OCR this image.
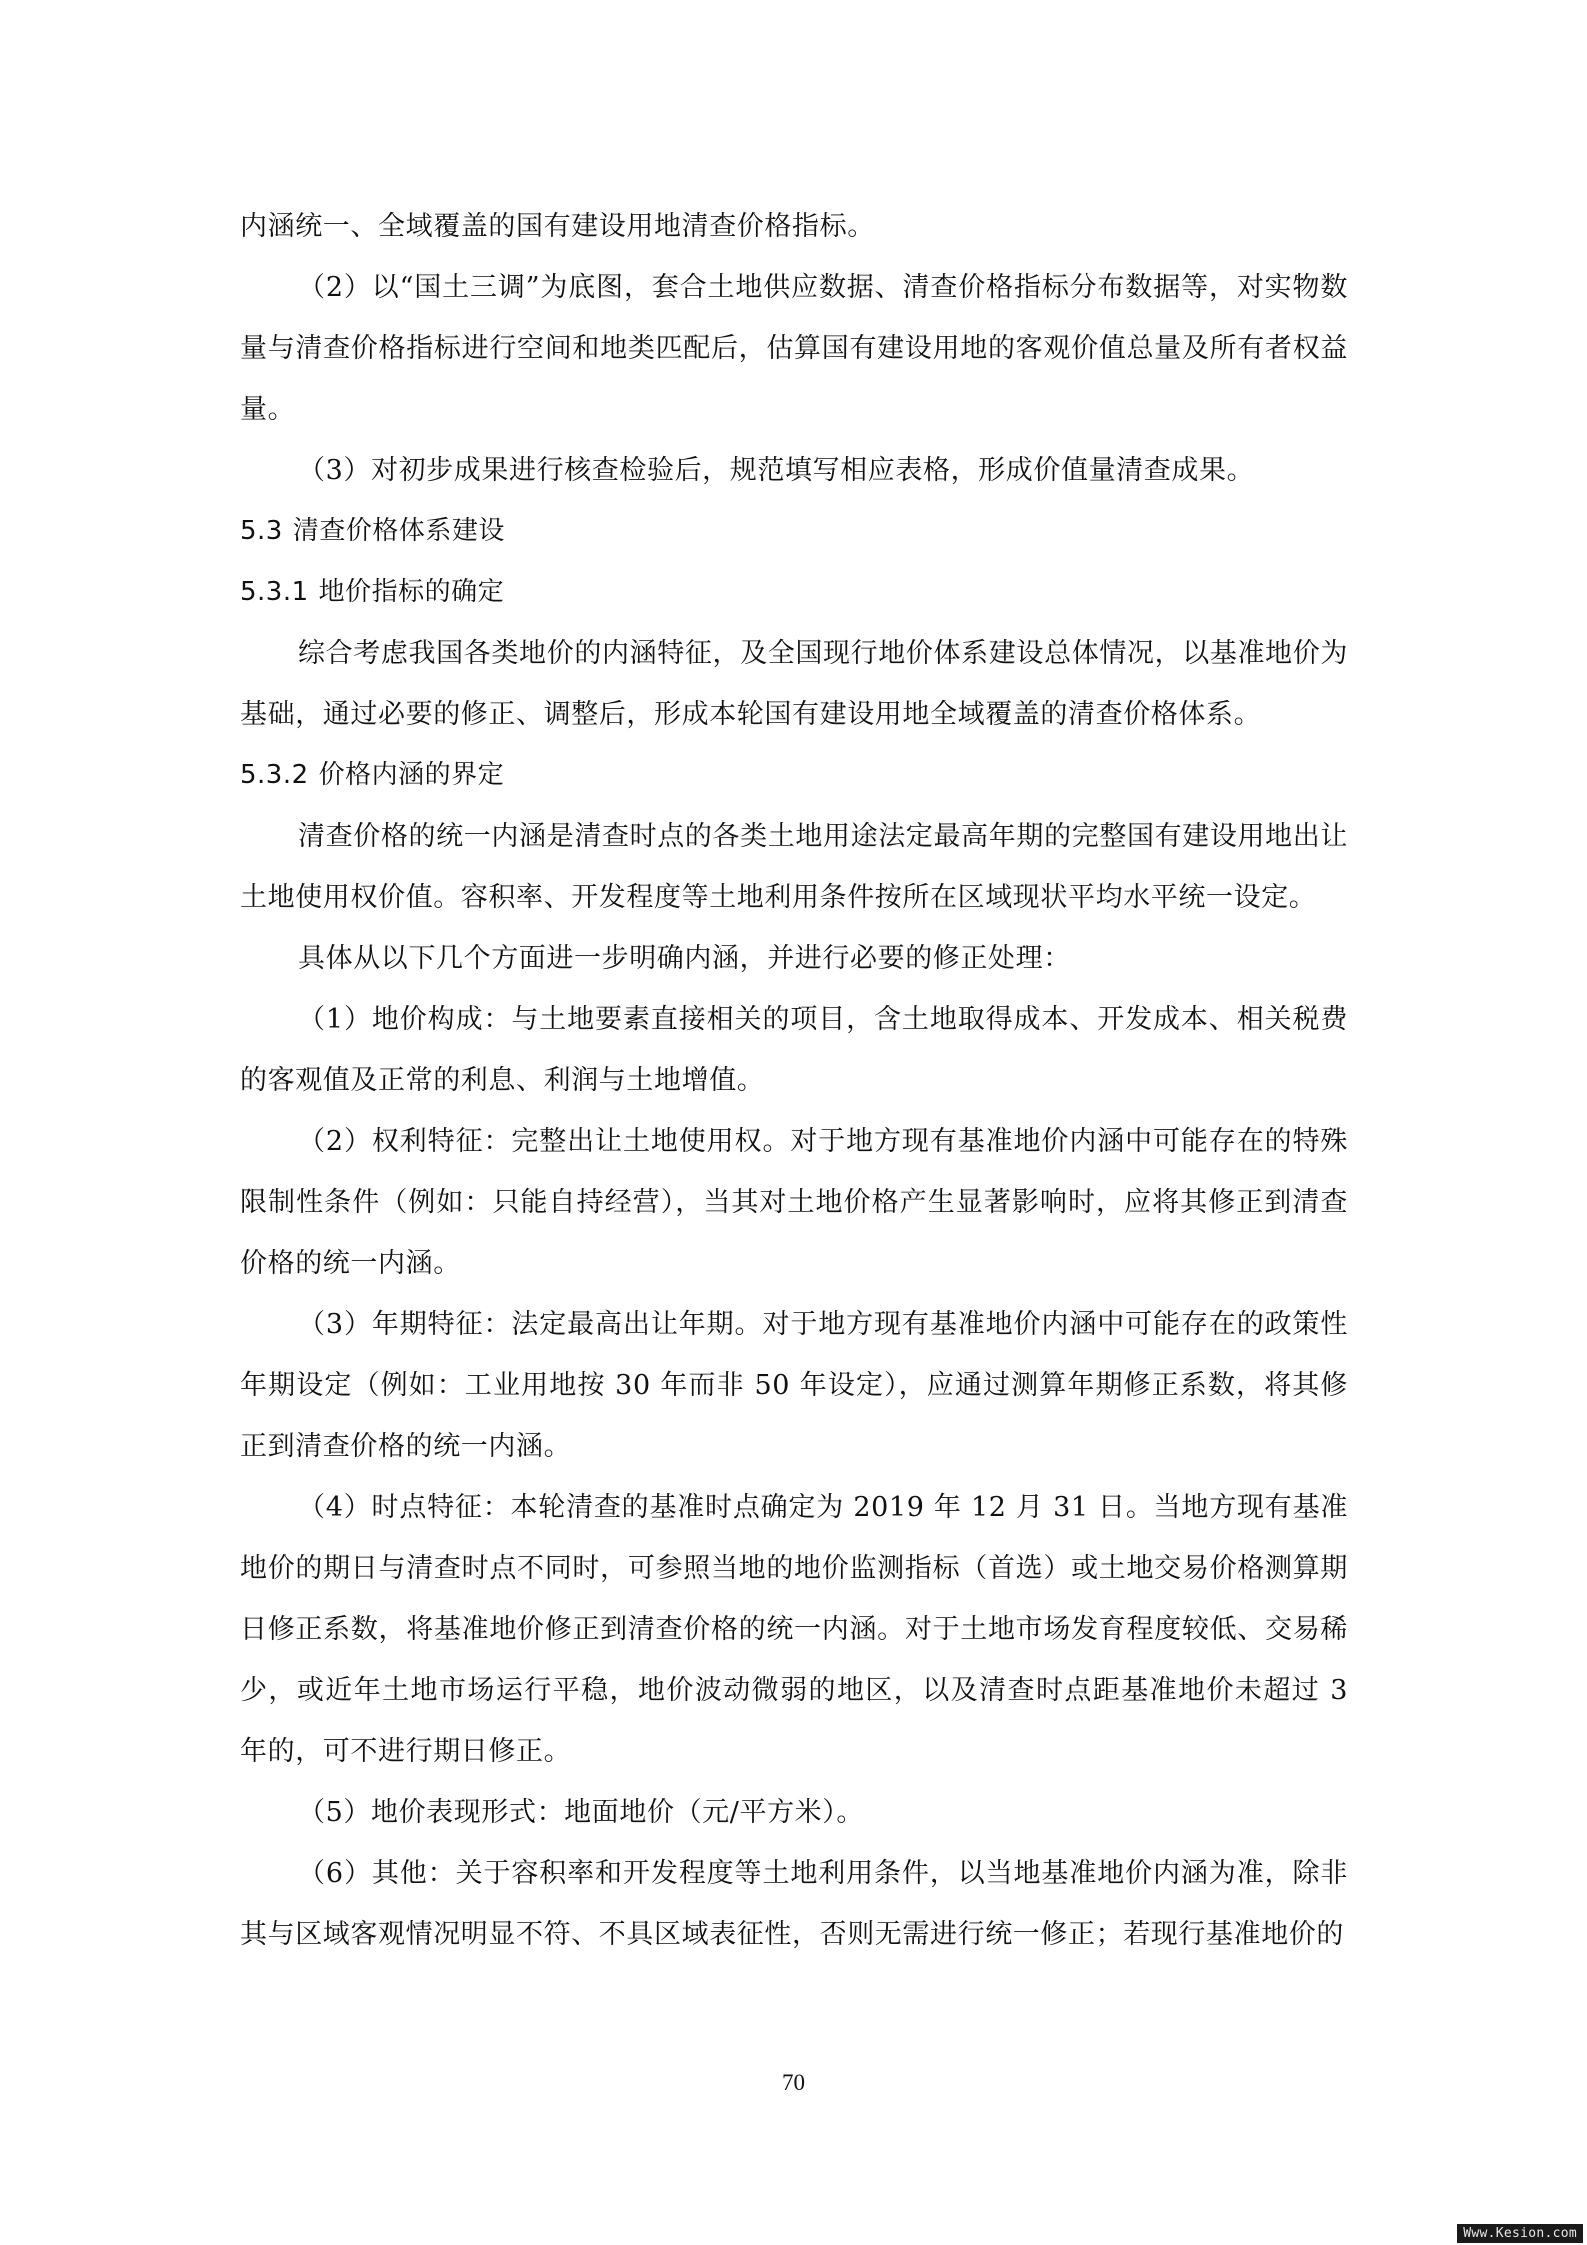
内涵统一、全域覆盖的国有建设用地清查价格指标。

（2）以“国土三调”为底图，套合土地供应数据、清查价格指标分布数据等，对实物数量与清查价格指标进行空间和地类匹配后，估算国有建设用地的客观价值总量及所有者权益量。

（3）对初步成果进行核查检验后，规范填写相应表格，形成价值量清查成果。

5.3 清查价格体系建设
5.3.1 地价指标的确定

综合考虑我国各类地价的内涵特征，及全国现行地价体系建设总体情况，以基准地价为基础，通过必要的修正、调整后，形成本轮国有建设用地全域覆盖的清查价格体系。

5.3.2 价格内涵的界定

清查价格的统一内涵是清查时点的各类土地用途法定最高年期的完整国有建设用地出让土地使用权价值。容积率、开发程度等土地利用条件按所在区域现状平均水平统一设定。

具体从以下几个方面进一步明确内涵，并进行必要的修正处理：

（1）地价构成：与土地要素直接相关的项目，含土地取得成本、开发成本、相关税费的客观值及正常的利息、利润与土地增值。

（2）权利特征：完整出让土地使用权。对于地方现有基准地价内涵中可能存在的特殊限制性条件（例如：只能自持经营），当其对土地价格产生显著影响时，应将其修正到清查价格的统一内涵。

（3）年期特征：法定最高出让年期。对于地方现有基准地价内涵中可能存在的政策性年期设定（例如：工业用地按 30 年而非 50 年设定），应通过测算年期修正系数，将其修正到清查价格的统一内涵。

（4）时点特征：本轮清查的基准时点确定为 2019 年 12 月 31 日。当地方现有基准地价的期日与清查时点不同时，可参照当地的地价监测指标（首选）或土地交易价格测算期日修正系数，将基准地价修正到清查价格的统一内涵。对于土地市场发育程度较低、交易稀少，或近年土地市场运行平稳，地价波动微弱的地区，以及清查时点距基准地价未超过 3 年的，可不进行期日修正。

（5）地价表现形式：地面地价（元/平方米）。

（6）其他：关于容积率和开发程度等土地利用条件，以当地基准地价内涵为准，除非其与区域客观情况明显不符、不具区域表征性，否则无需进行统一修正；若现行基准地价的

70
Www.Kesion.com
